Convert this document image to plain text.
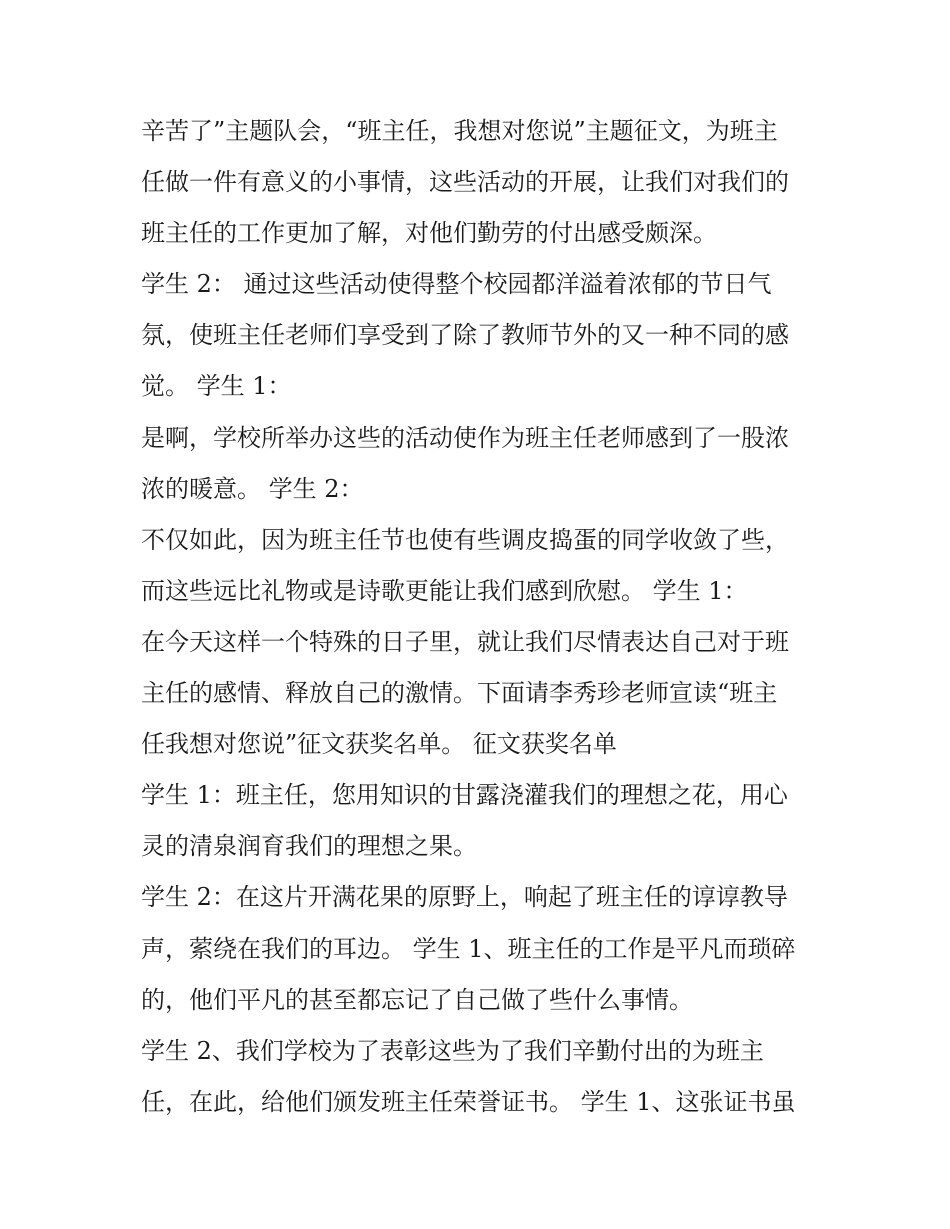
辛苦了”主题队会，“班主任，我想对您说”主题征文，为班主
任做一件有意义的小事情，这些活动的开展，让我们对我们的
班主任的工作更加了解，对他们勤劳的付出感受颇深。
学生 2： 通过这些活动使得整个校园都洋溢着浓郁的节日气
氛，使班主任老师们享受到了除了教师节外的又一种不同的感
觉。 学生 1：
是啊，学校所举办这些的活动使作为班主任老师感到了一股浓
浓的暖意。 学生 2：
不仅如此，因为班主任节也使有些调皮捣蛋的同学收敛了些，
而这些远比礼物或是诗歌更能让我们感到欣慰。 学生 1：
在今天这样一个特殊的日子里，就让我们尽情表达自己对于班
主任的感情、释放自己的激情。下面请李秀珍老师宣读“班主
任我想对您说”征文获奖名单。 征文获奖名单
学生 1：班主任，您用知识的甘露浇灌我们的理想之花，用心
灵的清泉润育我们的理想之果。
学生 2：在这片开满花果的原野上，响起了班主任的谆谆教导
声，萦绕在我们的耳边。 学生 1、班主任的工作是平凡而琐碎
的，他们平凡的甚至都忘记了自己做了些什么事情。
学生 2、我们学校为了表彰这些为了我们辛勤付出的为班主
任，在此，给他们颁发班主任荣誉证书。 学生 1、这张证书虽
